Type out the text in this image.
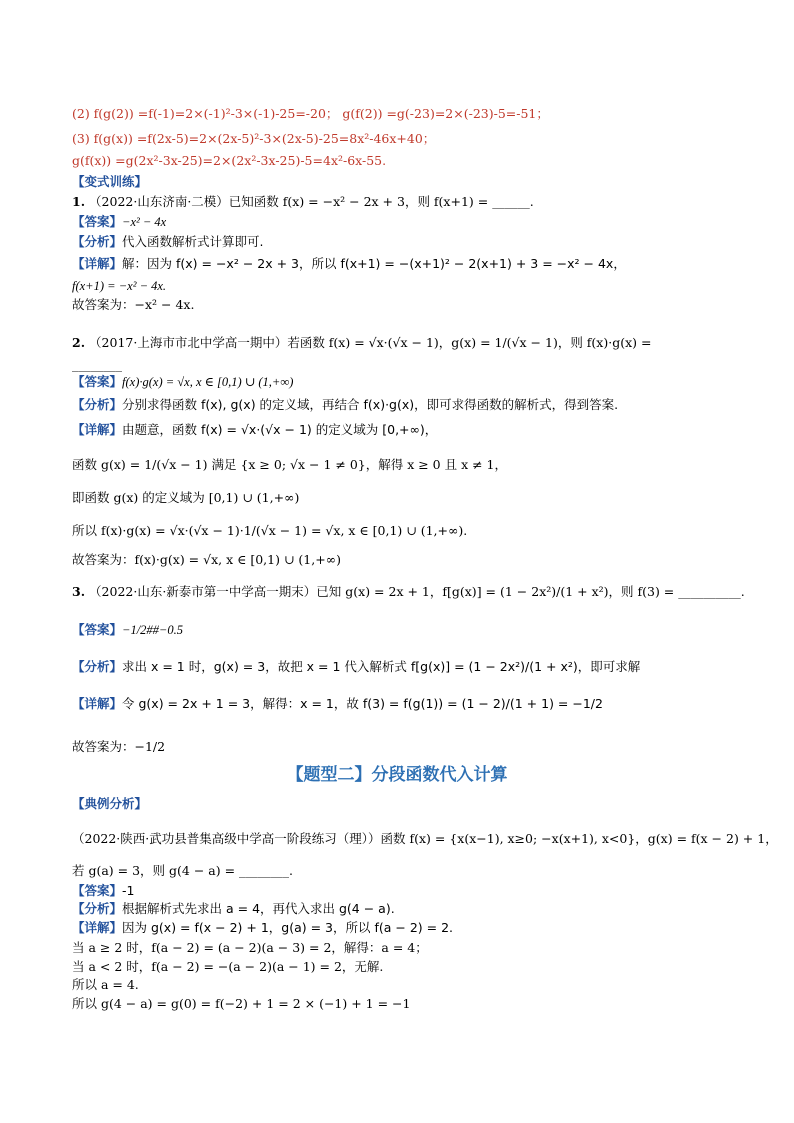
(2) f(g(2)) =f(-1)=2×(-1)²-3×(-1)-25=-20； g(f(2)) =g(-23)=2×(-23)-5=-51；
(3) f(g(x)) =f(2x-5)=2×(2x-5)²-3×(2x-5)-25=8x²-46x+40；
g(f(x)) =g(2x²-3x-25)=2×(2x²-3x-25)-5=4x²-6x-55.
【变式训练】
1. （2022·山东济南·二模）已知函数 f(x) = −x² − 2x + 3，则 f(x+1) = ______.
【答案】−x² − 4x
【分析】代入函数解析式计算即可.
【详解】解：因为 f(x) = −x² − 2x + 3，所以 f(x+1) = −(x+1)² − 2(x+1) + 3 = −x² − 4x，
f(x+1) = −x² − 4x.
故答案为：−x² − 4x.
2. （2017·上海市市北中学高一期中）若函数 f(x) = √x·(√x − 1)，g(x) = 1/(√x − 1)，则 f(x)·g(x) =
________
【答案】f(x)·g(x) = √x, x ∈ [0,1) ∪ (1,+∞)
【分析】分别求得函数 f(x), g(x) 的定义域，再结合 f(x)·g(x)，即可求得函数的解析式，得到答案.
【详解】由题意，函数 f(x) = √x·(√x − 1) 的定义域为 [0,+∞)，
函数 g(x) = 1/(√x − 1) 满足 {x ≥ 0; √x − 1 ≠ 0}，解得 x ≥ 0 且 x ≠ 1，
即函数 g(x) 的定义域为 [0,1) ∪ (1,+∞)
所以 f(x)·g(x) = √x·(√x − 1)·1/(√x − 1) = √x, x ∈ [0,1) ∪ (1,+∞).
故答案为：f(x)·g(x) = √x, x ∈ [0,1) ∪ (1,+∞)
3. （2022·山东·新泰市第一中学高一期末）已知 g(x) = 2x + 1，f[g(x)] = (1 − 2x²)/(1 + x²)，则 f(3) = __________.
【答案】−1/2##−0.5
【分析】求出 x = 1 时，g(x) = 3，故把 x = 1 代入解析式 f[g(x)] = (1 − 2x²)/(1 + x²)，即可求解
【详解】令 g(x) = 2x + 1 = 3，解得：x = 1，故 f(3) = f(g(1)) = (1 − 2)/(1 + 1) = −1/2
故答案为：−1/2
【题型二】分段函数代入计算
【典例分析】
（2022·陕西·武功县普集高级中学高一阶段练习（理））函数 f(x) = {x(x−1), x≥0; −x(x+1), x<0}，g(x) = f(x − 2) + 1，
若 g(a) = 3，则 g(4 − a) = ________.
【答案】-1
【分析】根据解析式先求出 a = 4，再代入求出 g(4 − a).
【详解】因为 g(x) = f(x − 2) + 1，g(a) = 3，所以 f(a − 2) = 2.
当 a ≥ 2 时，f(a − 2) = (a − 2)(a − 3) = 2，解得：a = 4；
当 a < 2 时，f(a − 2) = −(a − 2)(a − 1) = 2，无解.
所以 a = 4.
所以 g(4 − a) = g(0) = f(−2) + 1 = 2 × (−1) + 1 = −1
